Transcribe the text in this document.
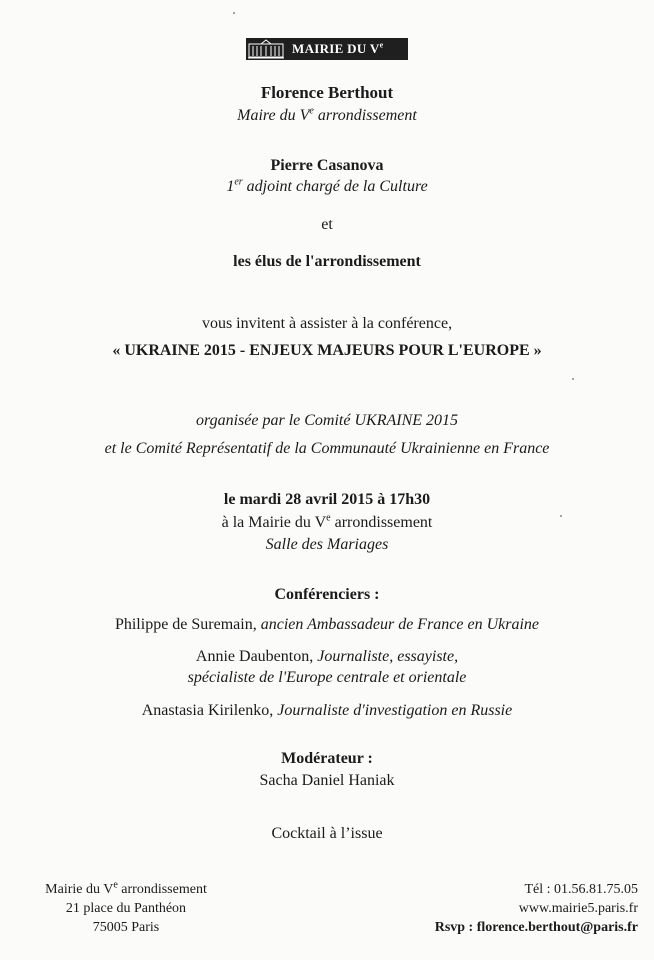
MAIRIE DU Ve
Florence Berthout
Maire du Ve arrondissement
Pierre Casanova
1er adjoint chargé de la Culture
et
les élus de l'arrondissement
vous invitent à assister à la conférence,
« UKRAINE 2015 - ENJEUX MAJEURS POUR L'EUROPE »
organisée par le Comité UKRAINE 2015
et le Comité Représentatif de la Communauté Ukrainienne en France
le mardi 28 avril 2015 à 17h30
à la Mairie du Ve arrondissement
Salle des Mariages
Conférenciers :
Philippe de Suremain, ancien Ambassadeur de France en Ukraine
Annie Daubenton, Journaliste, essayiste,
spécialiste de l'Europe centrale et orientale
Anastasia Kirilenko, Journaliste d'investigation en Russie
Modérateur :
Sacha Daniel Haniak
Cocktail à l’issue
Mairie du Ve arrondissement
21 place du Panthéon
75005 Paris
Tél : 01.56.81.75.05
www.mairie5.paris.fr
Rsvp : florence.berthout@paris.fr
